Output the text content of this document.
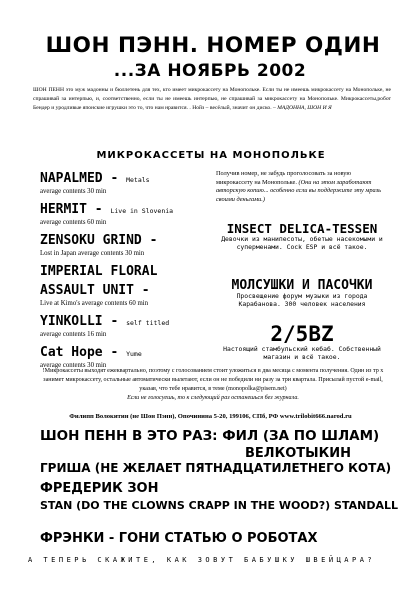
ШОН ПЭНН. НОМЕР ОДИН
...ЗА НОЯБРЬ 2002
ШОН ПЕНН это муж мадонны и бюллетень для тех, кто имеет микрокассету на Монопольке. Если ты не имеешь микрокассету на Монопольке, не спрашивай за интерпью, и, соответственно, если ты не имеешь интерпью, не спрашивай за микрокассету на Монопольке. Микрокассеты,робот Бендер и уродливые японские игрушки это то, что нам нравится. . Нойз – весёлый, значит он диско. – МАДОННА, ШОН И Я
МИКРОКАССЕТЫ НА МОНОПОЛЬКЕ
NAPALMED - Metals
average contents 30 min
HERMIT - Live in Slovenia
average contents 60 min
ZENSOKU GRIND -
Lost in Japan average contents 30 min
IMPERIAL FLORAL ASSAULT UNIT -
Live at Kimo's average contents 60 min
YINKOLLI - self titled
average contents 16 min
Cat Hope - Yume
average contents 30 min
Получив номер, не забудь проголосовать за новую микрокассету на Монопольке. (Они на этом заработают авторскую копию... особенно если вы поддержите эту мразь своими деньгами.)
INSECT DELICA-TESSEN
Девочки из манипесоты, обетые насекомыми и суперменами. Cock ESP и всё такое.
МОЛСУШКИ И ПАСОЧКИ
Просвещение форум музыки из города Карабанова. 300 человек населения
2/5BZ
Настоящий стамбульский кебаб. Собственный магазин и всё такое.
!Микрокассеты выходят ежеквартально, поэтому с голосованием стоит уложиться в два месяца с момента получения. Один из тр х занимет микрокассету, остальные автоматически вылетают, если он не победили ни разу за три квартала. Присылай пустой e-mail, указав, что тебе нравится, в теме (monopolka@pisem.net)
Если не голосуешь, то к следующий раз останешься без журнала.
Филипп Волокитин (не Шон Пэнн), Опочинина 5-20, 199106, СПб, РФ www.trilobit666.narod.ru
ШОН ПЕНН В ЭТО РАЗ: ФИЛ (ЗА ПО ШЛАМ)
ВЕЛКОТЫКИН
ГРИША (НЕ ЖЕЛАЕТ ПЯТНАДЦАТИЛЕТНЕГО КОТА)
ФРЕДЕРИК ЗОН
STAN (DO THE CLOWNS CRAPP IN THE WOOD?) STANDALL
ФРЭНКИ - ГОНИ СТАТЬЮ О РОБОТАХ
А ТЕПЕРЬ СКАЖИТЕ, КАК ЗОВУТ БАБУШКУ ШВЕЙЦАРА?
